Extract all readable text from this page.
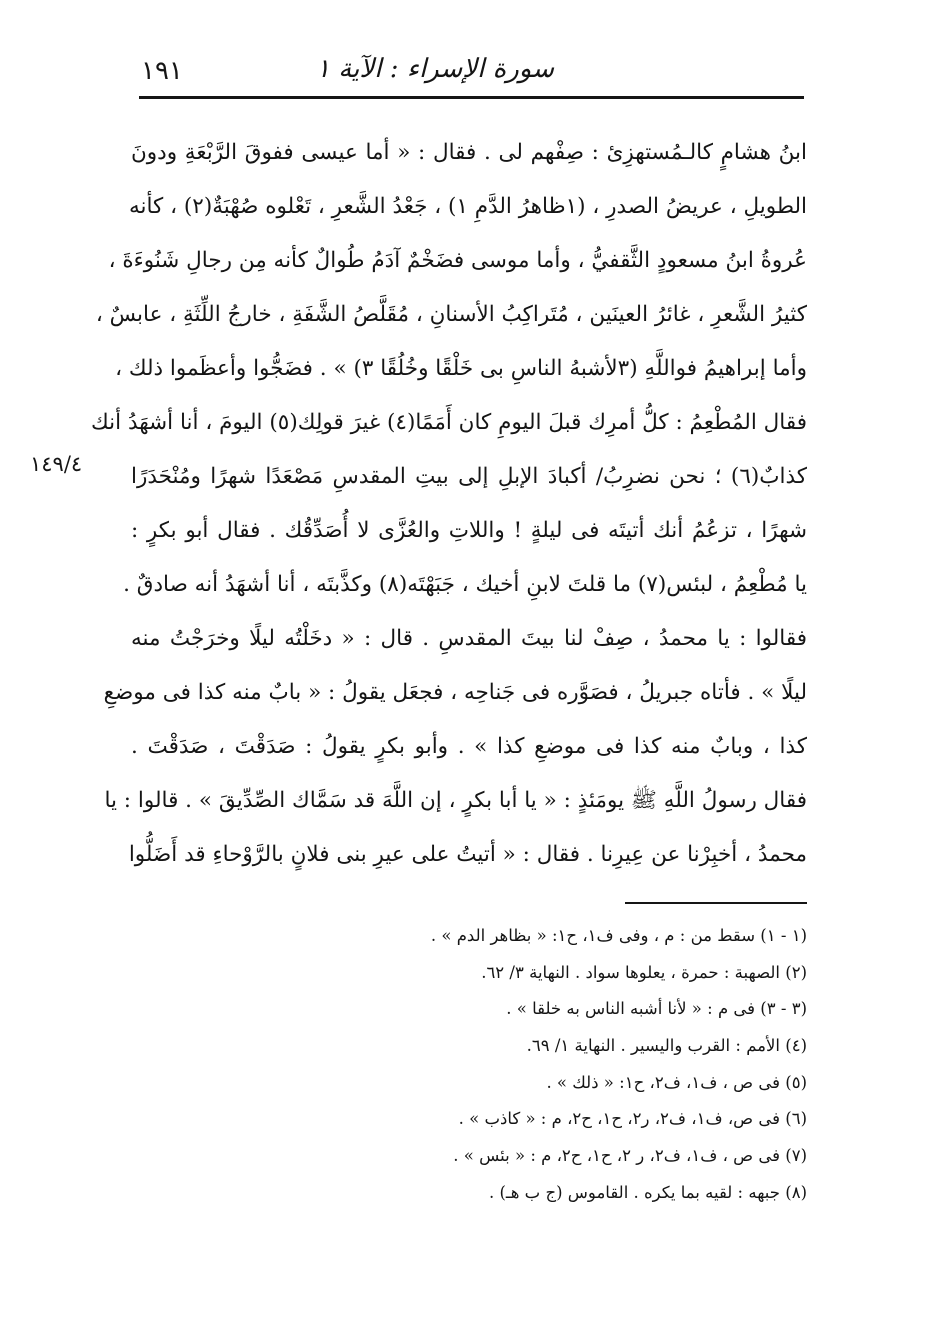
١٩١	سورة الإسراء : الآية ١
١٤٩/٤
ابنُ هشامٍ كالـمُستهزِئ : صِفْهم لى . فقال : « أما عيسى ففوقَ الرَّبْعَةِ ودونَ
الطويلِ ، عريضُ الصدرِ ، (١ظاهرُ الدَّمِ ١) ، جَعْدُ الشَّعرِ ، تَعْلوه صُهْبَةٌ(٢) ، كأنه
عُروةُ ابنُ مسعودٍ الثَّقفيُّ ، وأما موسى فضَخْمٌ آدَمُ طُوالٌ كأنه مِن رجالِ شَنُوءَةَ ،
كثيرُ الشَّعرِ ، غائرُ العينَين ، مُتَراكِبُ الأسنانِ ، مُقَلَّصُ الشَّفَةِ ، خارجُ اللِّثَةِ ، عابسٌ ،
وأما إبراهيمُ فواللَّهِ (٣لأشبهُ الناسِ بى خَلْقًا وخُلُقًا ٣) » . فضَجُّوا وأعظَموا ذلك ،
فقال المُطْعِمُ : كلُّ أمرِك قبلَ اليومِ كان أَمَمًا(٤) غيرَ قولِك(٥) اليومَ ، أنا أشهَدُ أنك
كذابٌ(٦) ؛ نحن نضرِبُ/ أكبادَ الإبلِ إلى بيتِ المقدسِ مَصْعَدًا شهرًا ومُنْحَدَرًا
شهرًا ، تزعُمُ أنك أتيتَه فى ليلةٍ ! واللاتِ والعُزَّى لا أُصَدِّقُك . فقال أبو بكرٍ :
يا مُطْعِمُ ، لبئس(٧) ما قلتَ لابنِ أخيك ، جَبَهْتَه(٨) وكذَّبتَه ، أنا أشهَدُ أنه صادقٌ .
فقالوا : يا محمدُ ، صِفْ لنا بيتَ المقدسِ . قال : « دخَلْتُه ليلًا وخرَجْتُ منه
ليلًا » . فأتاه جبريلُ ، فصَوَّره فى جَناحِه ، فجعَل يقولُ : « بابٌ منه كذا فى موضعِ
كذا ، وبابٌ منه كذا فى موضعِ كذا » . وأبو بكرٍ يقولُ : صَدَقْتَ ، صَدَقْتَ .
فقال رسولُ اللَّهِ ﷺ يومَئذٍ : « يا أبا بكرٍ ، إن اللَّهَ قد سَمَّاك الصِّدِّيقَ » . قالوا : يا
محمدُ ، أخبِرْنا عن عِيرِنا . فقال : « أتيتُ على عيرِ بنى فلانٍ بالرَّوْحاءِ قد أَضَلُّوا
(١ - ١) سقط من : م ، وفى ف١، ح١: « بظاهر الدم » .
(٢) الصهبة : حمرة ، يعلوها سواد . النهاية ٣/ ٦٢.
(٣ - ٣) فى م : « لأنا أشبه الناس به خلقا » .
(٤) الأمم : القرب واليسير . النهاية ١/ ٦٩.
(٥) فى ص ، ف١، ف٢، ح١: « ذلك » .
(٦) فى ص، ف١، ف٢، ر٢، ح١، ح٢، م : « كاذب » .
(٧) فى ص ، ف١، ف٢، ر ٢، ح١، ح٢، م : « بئس » .
(٨) جبهه : لقيه بما يكره . القاموس (ج ب هـ) .
